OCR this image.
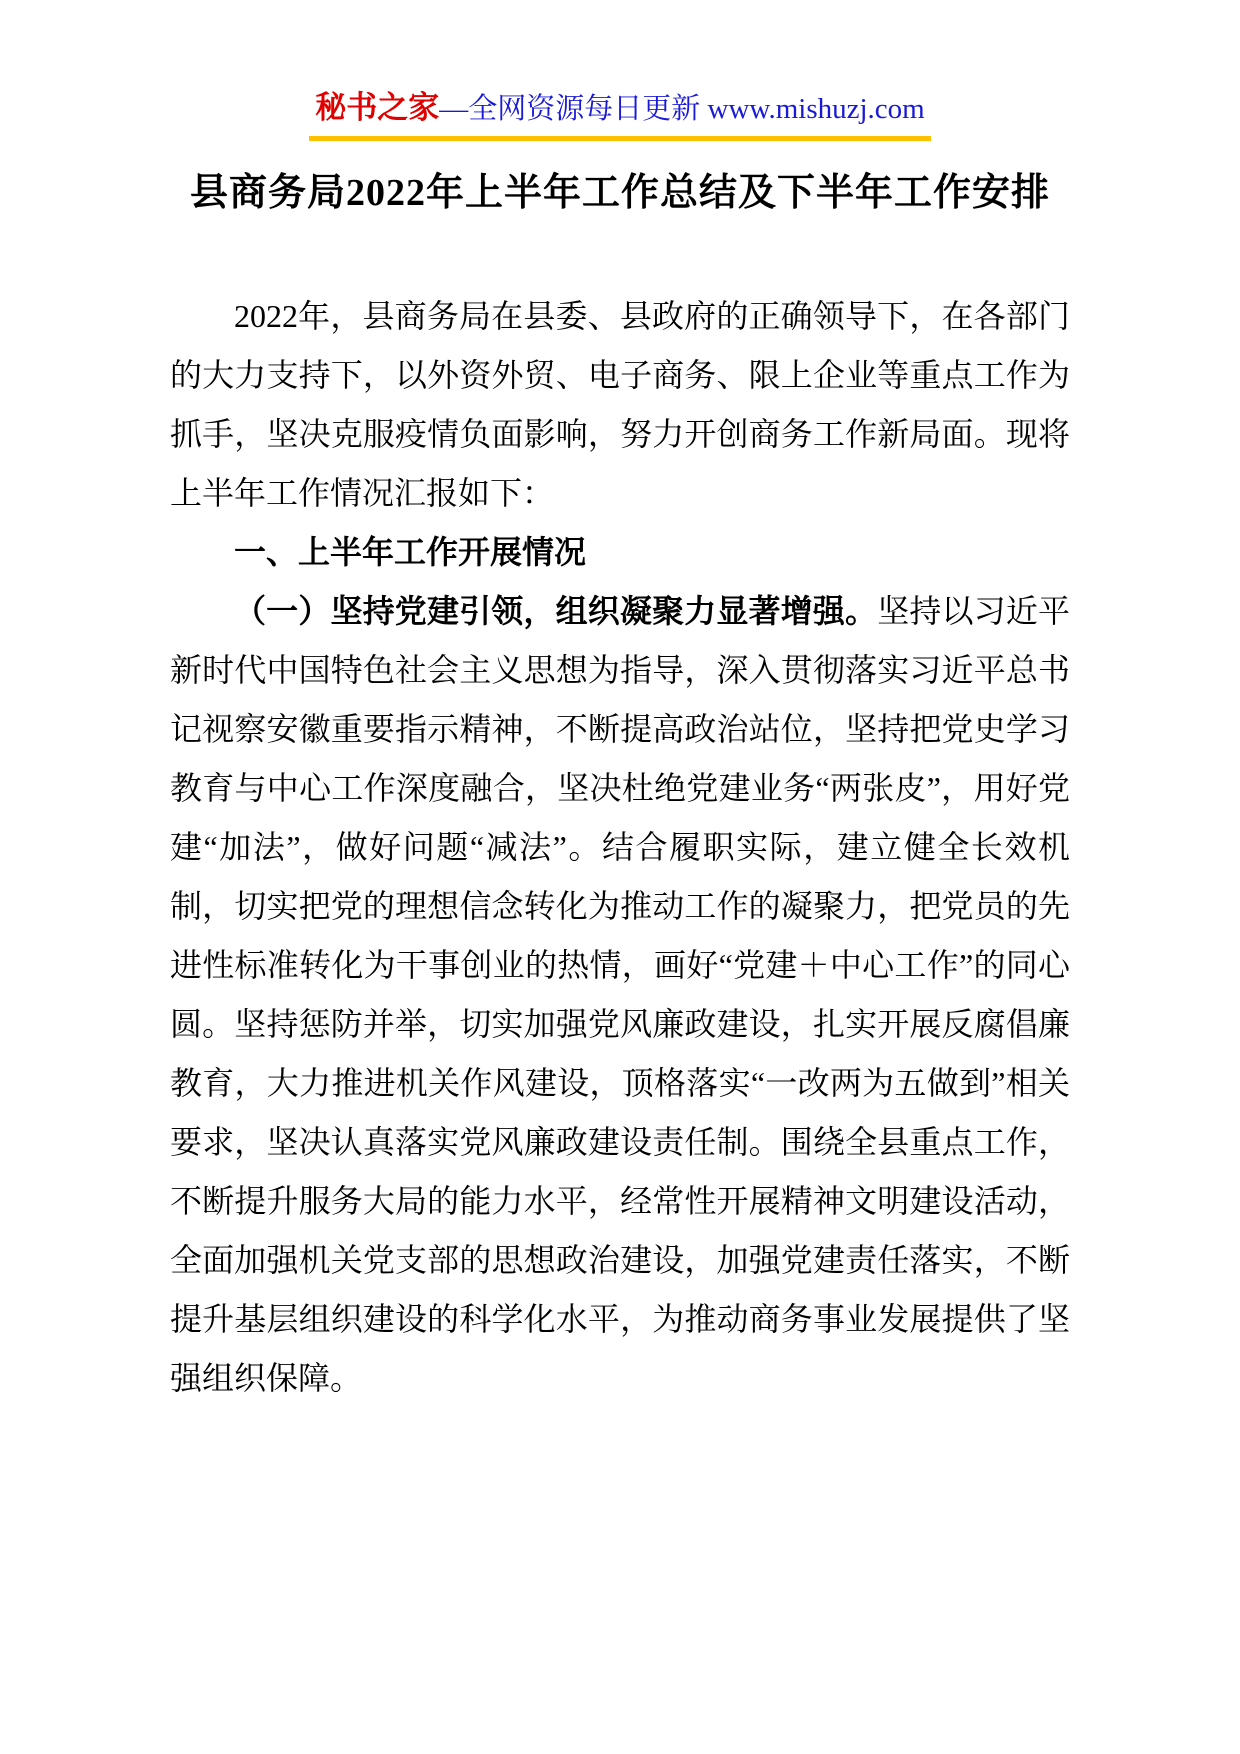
秘书之家—全网资源每日更新 www.mishuzj.com
县商务局2022年上半年工作总结及下半年工作安排

2022年，县商务局在县委、县政府的正确领导下，在各部门的大力支持下，以外资外贸、电子商务、限上企业等重点工作为抓手，坚决克服疫情负面影响，努力开创商务工作新局面。现将上半年工作情况汇报如下：

一、上半年工作开展情况

（一）坚持党建引领，组织凝聚力显著增强。坚持以习近平新时代中国特色社会主义思想为指导，深入贯彻落实习近平总书记视察安徽重要指示精神，不断提高政治站位，坚持把党史学习教育与中心工作深度融合，坚决杜绝党建业务“两张皮”，用好党建“加法”，做好问题“减法”。结合履职实际，建立健全长效机制，切实把党的理想信念转化为推动工作的凝聚力，把党员的先进性标准转化为干事创业的热情，画好“党建＋中心工作”的同心圆。坚持惩防并举，切实加强党风廉政建设，扎实开展反腐倡廉教育，大力推进机关作风建设，顶格落实“一改两为五做到”相关要求，坚决认真落实党风廉政建设责任制。围绕全县重点工作，不断提升服务大局的能力水平，经常性开展精神文明建设活动，全面加强机关党支部的思想政治建设，加强党建责任落实，不断提升基层组织建设的科学化水平，为推动商务事业发展提供了坚强组织保障。
